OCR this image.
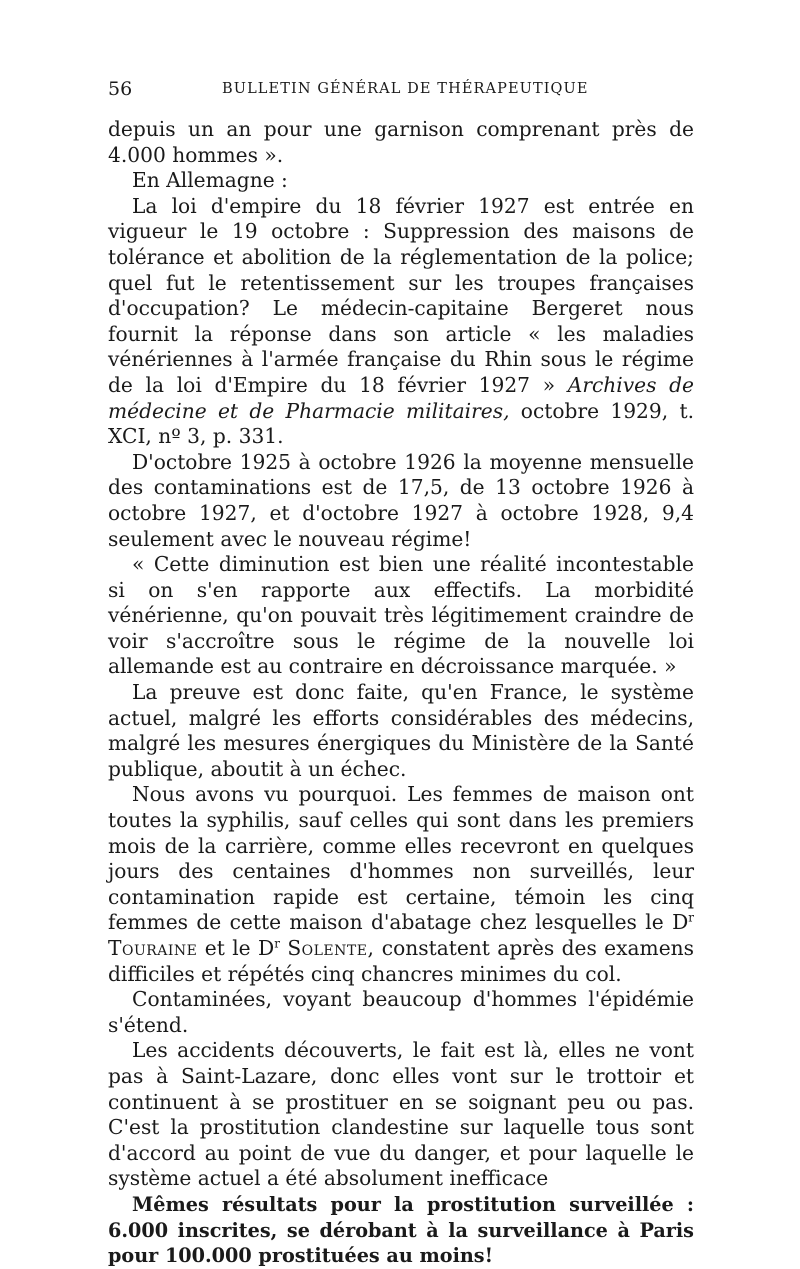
56	BULLETIN GÉNÉRAL DE THÉRAPEUTIQUE

depuis un an pour une garnison comprenant près de 4.000 hommes ».

En Allemagne :

La loi d'empire du 18 février 1927 est entrée en vigueur le 19 octobre : Suppression des maisons de tolérance et abolition de la réglementation de la police; quel fut le retentissement sur les troupes françaises d'occupation? Le médecin-capitaine Bergeret nous fournit la réponse dans son article « les maladies vénériennes à l'armée française du Rhin sous le régime de la loi d'Empire du 18 février 1927 » Archives de médecine et de Pharmacie militaires, octobre 1929, t. XCI, nº 3, p. 331.

D'octobre 1925 à octobre 1926 la moyenne mensuelle des contaminations est de 17,5, de 13 octobre 1926 à octobre 1927, et d'octobre 1927 à octobre 1928, 9,4 seulement avec le nouveau régime!

« Cette diminution est bien une réalité incontestable si on s'en rapporte aux effectifs. La morbidité vénérienne, qu'on pouvait très légitimement craindre de voir s'accroître sous le régime de la nouvelle loi allemande est au contraire en décroissance marquée. »

La preuve est donc faite, qu'en France, le système actuel, malgré les efforts considérables des médecins, malgré les mesures énergiques du Ministère de la Santé publique, aboutit à un échec.

Nous avons vu pourquoi. Les femmes de maison ont toutes la syphilis, sauf celles qui sont dans les premiers mois de la carrière, comme elles recevront en quelques jours des centaines d'hommes non surveillés, leur contamination rapide est certaine, témoin les cinq femmes de cette maison d'abatage chez lesquelles le $D^r$ Touraine et le $D^r$ Solente, constatent après des examens difficiles et répétés cinq chancres minimes du col.

Contaminées, voyant beaucoup d'hommes l'épidémie s'étend.

Les accidents découverts, le fait est là, elles ne vont pas à Saint-Lazare, donc elles vont sur le trottoir et continuent à se prostituer en se soignant peu ou pas. C'est la prostitution clandestine sur laquelle tous sont d'accord au point de vue du danger, et pour laquelle le système actuel a été absolument inefficace

Mêmes résultats pour la prostitution surveillée : 6.000 inscrites, se dérobant à la surveillance à Paris pour 100.000 prostituées au moins!
